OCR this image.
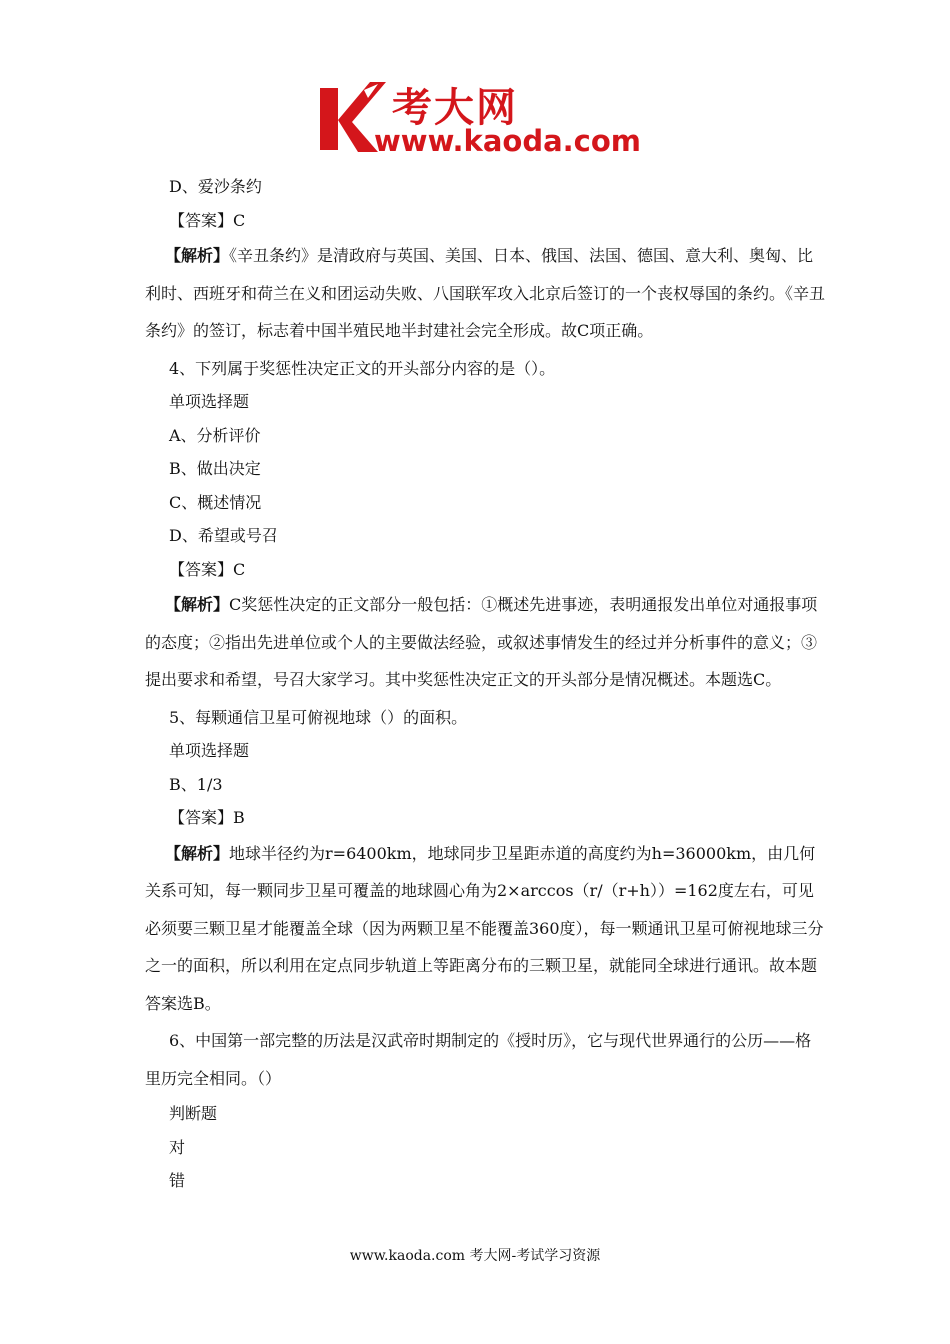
考大网
www.kaoda.com
D、爱沙条约
【答案】C
【解析】《辛丑条约》是清政府与英国、美国、日本、俄国、法国、德国、意大利、奥匈、比利时、西班牙和荷兰在义和团运动失败、八国联军攻入北京后签订的一个丧权辱国的条约。《辛丑条约》的签订，标志着中国半殖民地半封建社会完全形成。故C项正确。
4、下列属于奖惩性决定正文的开头部分内容的是（）。
单项选择题
A、分析评价
B、做出决定
C、概述情况
D、希望或号召
【答案】C
【解析】C奖惩性决定的正文部分一般包括：①概述先进事迹，表明通报发出单位对通报事项的态度；②指出先进单位或个人的主要做法经验，或叙述事情发生的经过并分析事件的意义；③提出要求和希望，号召大家学习。其中奖惩性决定正文的开头部分是情况概述。本题选C。
5、每颗通信卫星可俯视地球（）的面积。
单项选择题
B、1/3
【答案】B
【解析】地球半径约为r=6400km，地球同步卫星距赤道的高度约为h=36000km，由几何关系可知，每一颗同步卫星可覆盖的地球圆心角为2×arccos（r/（r+h））=162度左右，可见必须要三颗卫星才能覆盖全球（因为两颗卫星不能覆盖360度），每一颗通讯卫星可俯视地球三分之一的面积，所以利用在定点同步轨道上等距离分布的三颗卫星，就能同全球进行通讯。故本题答案选B。
6、中国第一部完整的历法是汉武帝时期制定的《授时历》，它与现代世界通行的公历——格里历完全相同。（）
判断题
对
错
www.kaoda.com 考大网-考试学习资源
